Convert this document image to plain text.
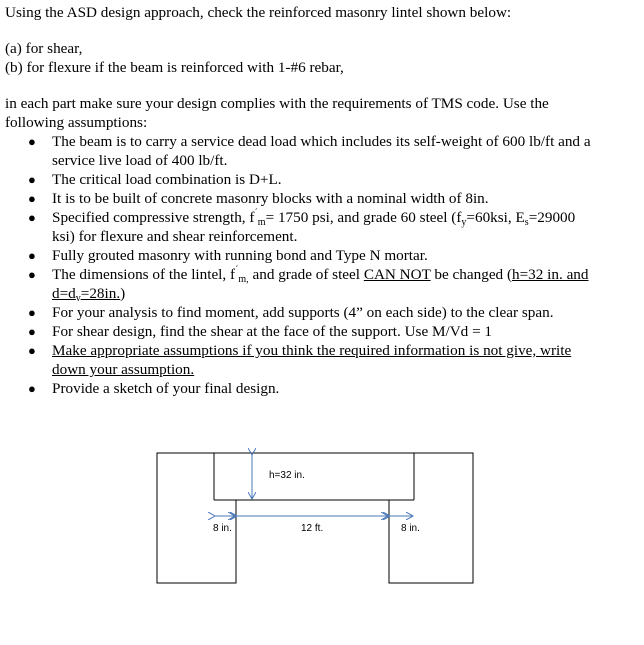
Using the ASD design approach, check the reinforced masonry lintel shown below:

(a) for shear,

(b) for flexure if the beam is reinforced with 1-#6 rebar,

in each part make sure your design complies with the requirements of TMS code. Use the

following assumptions:

● The beam is to carry a service dead load which includes its self-weight of 600 lb/ft and a
service live load of 400 lb/ft.
● The critical load combination is D+L.
● It is to be built of concrete masonry blocks with a nominal width of 8in.
● Specified compressive strength, $f^´_m= 1750$ psi, and grade 60 steel ($f_y=60ksi$, $E_s=29000$
ksi) for flexure and shear reinforcement.
● Fully grouted masonry with running bond and Type N mortar.
● The dimensions of the lintel, $f^´_{m,}$ and grade of steel CAN NOT be changed (h=32 in. and
$d=d_v=28in$.)
● For your analysis to find moment, add supports (4” on each side) to the clear span.
● For shear design, find the shear at the face of the support. Use M/Vd = 1
● Make appropriate assumptions if you think the required information is not give, write
down your assumption.
● Provide a sketch of your final design.
h=32 in.
8 in.	12 ft.	8 in.
